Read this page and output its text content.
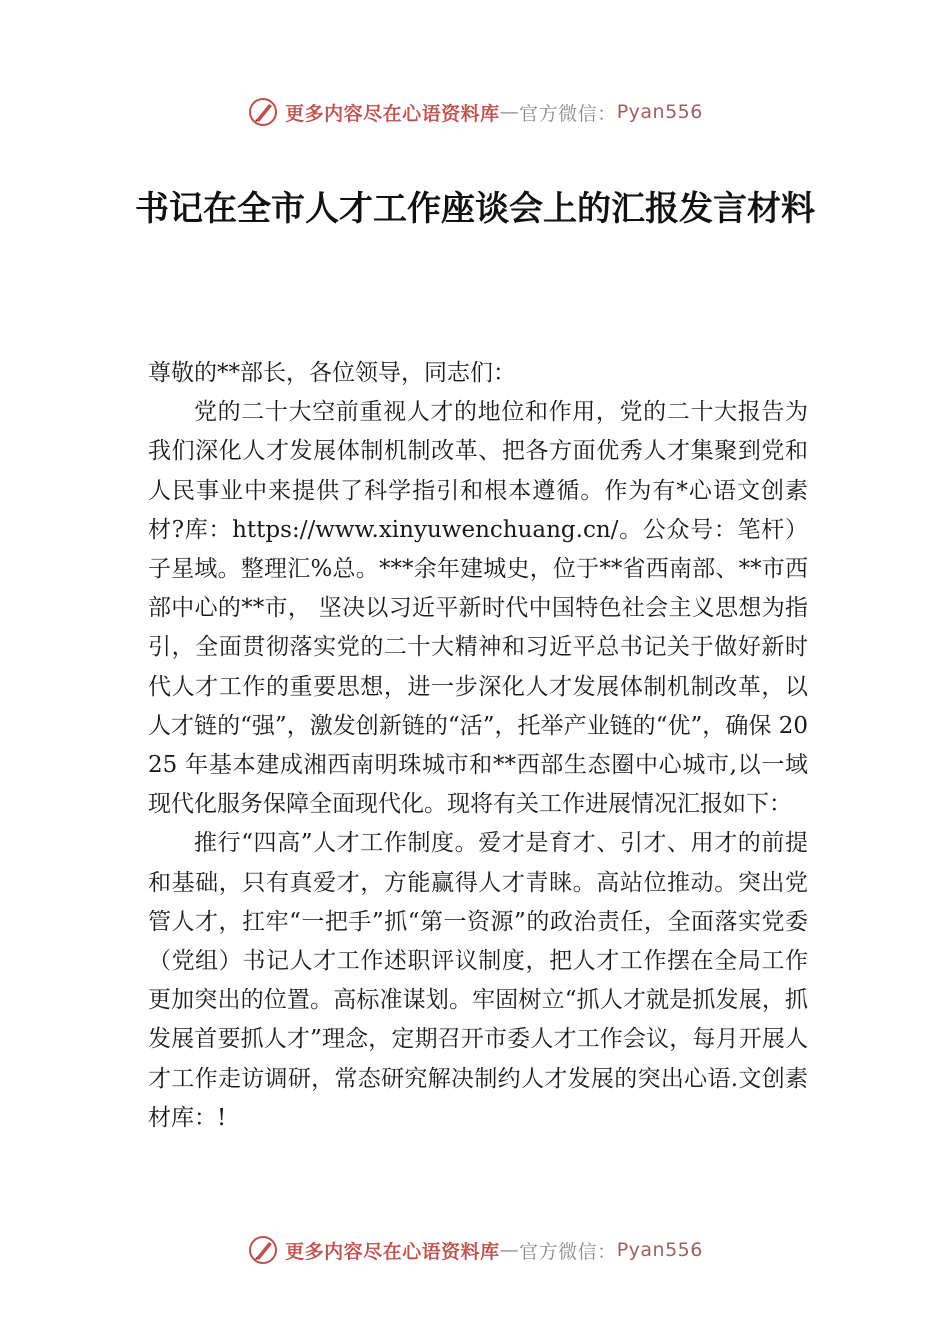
更多内容尽在心语资料库 — 官方微信： Pyan556
书记在全市人才工作座谈会上的汇报发言材料

尊敬的**部长，各位领导，同志们：

党的二十大空前重视人才的地位和作用，党的二十大报告为我们深化人才发展体制机制改革、把各方面优秀人才集聚到党和人民事业中来提供了科学指引和根本遵循。作为有*心语文创素材?库：https://www.xinyuwenchuang.cn/。公众号：笔杆）子星域。整理汇%总。***余年建城史，位于**省西南部、**市西部中心的**市， 坚决以习近平新时代中国特色社会主义思想为指引，全面贯彻落实党的二十大精神和习近平总书记关于做好新时代人才工作的重要思想，进一步深化人才发展体制机制改革，以人才链的“强”，激发创新链的“活”，托举产业链的“优”，确保 2025 年基本建成湘西南明珠城市和**西部生态圈中心城市,以一域现代化服务保障全面现代化。现将有关工作进展情况汇报如下：

推行“四高”人才工作制度。爱才是育才、引才、用才的前提和基础，只有真爱才，方能赢得人才青睐。高站位推动。突出党管人才，扛牢“一把手”抓“第一资源”的政治责任，全面落实党委（党组）书记人才工作述职评议制度，把人才工作摆在全局工作更加突出的位置。高标准谋划。牢固树立“抓人才就是抓发展，抓发展首要抓人才”理念，定期召开市委人才工作会议，每月开展人才工作走访调研，常态研究解决制约人才发展的突出心语.文创素材库：!

更多内容尽在心语资料库 — 官方微信： Pyan556
